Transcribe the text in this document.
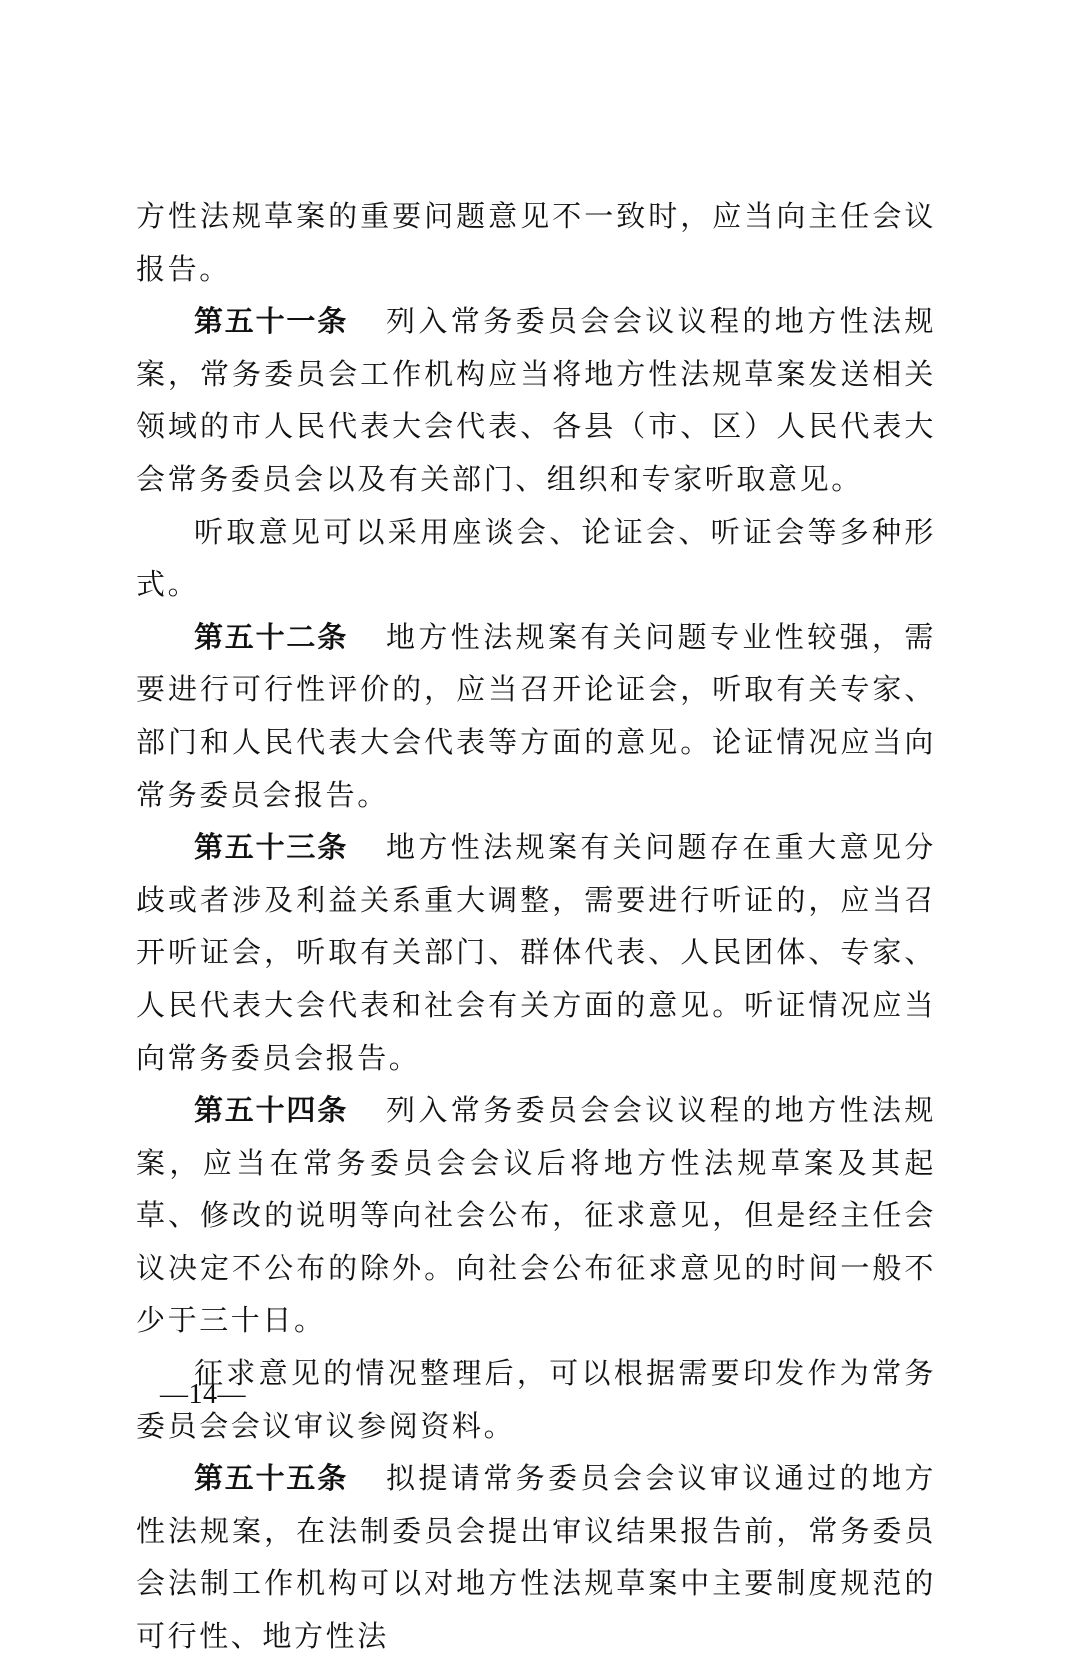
方性法规草案的重要问题意见不一致时，应当向主任会议报告。

第五十一条 列入常务委员会会议议程的地方性法规案，常务委员会工作机构应当将地方性法规草案发送相关领域的市人民代表大会代表、各县（市、区）人民代表大会常务委员会以及有关部门、组织和专家听取意见。

听取意见可以采用座谈会、论证会、听证会等多种形式。

第五十二条 地方性法规案有关问题专业性较强，需要进行可行性评价的，应当召开论证会，听取有关专家、部门和人民代表大会代表等方面的意见。论证情况应当向常务委员会报告。

第五十三条 地方性法规案有关问题存在重大意见分歧或者涉及利益关系重大调整，需要进行听证的，应当召开听证会，听取有关部门、群体代表、人民团体、专家、人民代表大会代表和社会有关方面的意见。听证情况应当向常务委员会报告。

第五十四条 列入常务委员会会议议程的地方性法规案，应当在常务委员会会议后将地方性法规草案及其起草、修改的说明等向社会公布，征求意见，但是经主任会议决定不公布的除外。向社会公布征求意见的时间一般不少于三十日。

征求意见的情况整理后，可以根据需要印发作为常务委员会会议审议参阅资料。

第五十五条 拟提请常务委员会会议审议通过的地方性法规案，在法制委员会提出审议结果报告前，常务委员会法制工作机构可以对地方性法规草案中主要制度规范的可行性、地方性法

—14—
